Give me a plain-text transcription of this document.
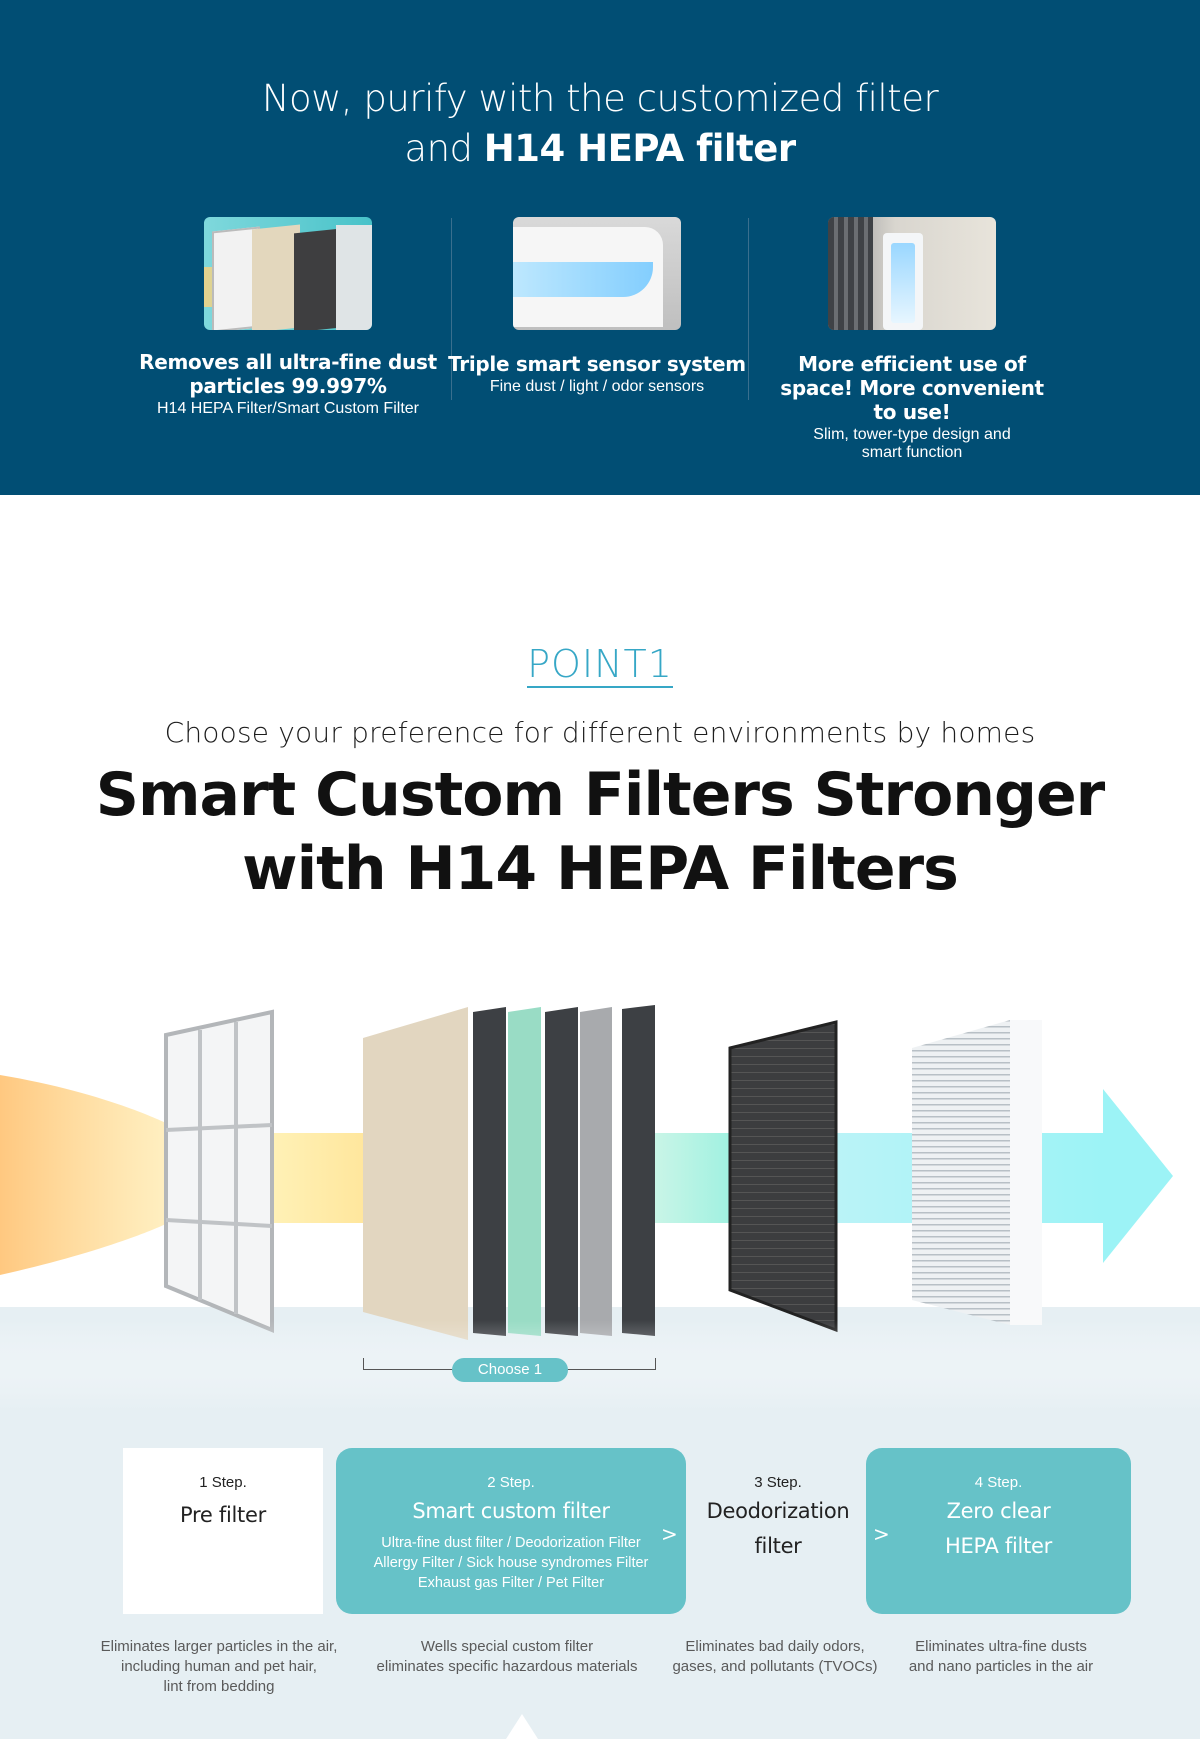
Now, purify with the customized filter
and H14 HEPA filter
Removes all ultra-fine dust particles 99.997%
H14 HEPA Filter/Smart Custom Filter
Triple smart sensor system
Fine dust / light / odor sensors
More efficient use of space! More convenient to use!
Slim, tower-type design and smart function
POINT1
Choose your preference for different environments by homes
Smart Custom Filters Stronger
with H14 HEPA Filters
Choose 1
1 Step.
Pre filter
2 Step.
Smart custom filter
Ultra-fine dust filter / Deodorization Filter
Allergy Filter / Sick house syndromes Filter
Exhaust gas Filter / Pet Filter
>
3 Step.
Deodorization
filter
4 Step.
Zero clear
HEPA filter
>
Eliminates larger particles in the air,
including human and pet hair,
lint from bedding
Wells special custom filter
eliminates specific hazardous materials
Eliminates bad daily odors,
gases, and pollutants (TVOCs)
Eliminates ultra-fine dusts
and nano particles in the air
